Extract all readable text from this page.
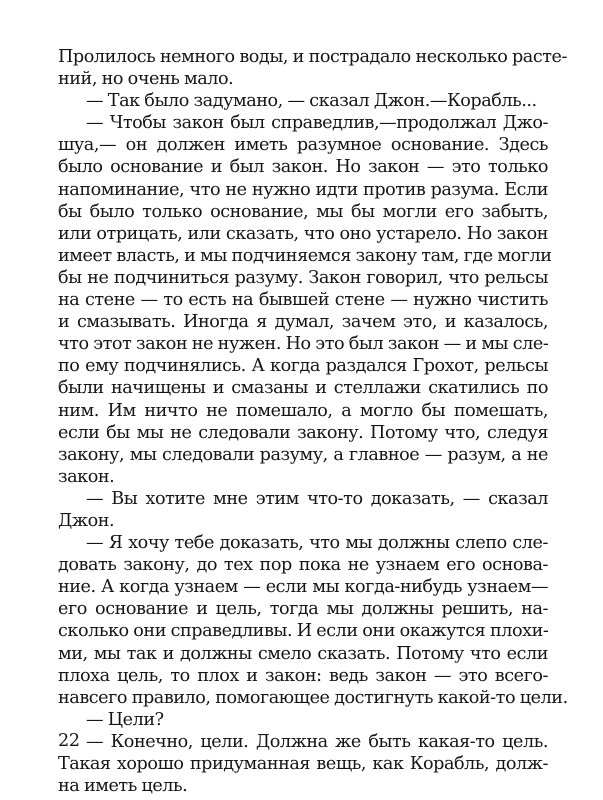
Пролилось немного воды, и пострадало несколько расте-
ний, но очень мало.
— Так было задумано, — сказал Джон.—Корабль...
— Чтобы закон был справедлив,—продолжал Джо-
шуа,— он должен иметь разумное основание. Здесь
было основание и был закон. Но закон — это только
напоминание, что не нужно идти против разума. Если
бы было только основание, мы бы могли его забыть,
или отрицать, или сказать, что оно устарело. Но закон
имеет власть, и мы подчиняемся закону там, где могли
бы не подчиниться разуму. Закон говорил, что рельсы
на стене — то есть на бывшей стене — нужно чистить
и смазывать. Иногда я думал, зачем это, и казалось,
что этот закон не нужен. Но это был закон — и мы сле-
по ему подчинялись. А когда раздался Грохот, рельсы
были начищены и смазаны и стеллажи скатились по
ним. Им ничто не помешало, а могло бы помешать,
если бы мы не следовали закону. Потому что, следуя
закону, мы следовали разуму, а главное — разум, а не
закон.
— Вы хотите мне этим что-то доказать, — сказал
Джон.
— Я хочу тебе доказать, что мы должны слепо сле-
довать закону, до тех пор пока не узнаем его основа-
ние. А когда узнаем — если мы когда-нибудь узнаем—
его основание и цель, тогда мы должны решить, на-
сколько они справедливы. И если они окажутся плохи-
ми, мы так и должны смело сказать. Потому что если
плоха цель, то плох и закон: ведь закон — это всего-
навсего правило, помогающее достигнуть какой-то цели.
— Цели?
— Конечно, цели. Должна же быть какая-то цель.
Такая хорошо придуманная вещь, как Корабль, долж-
на иметь цель.
22
